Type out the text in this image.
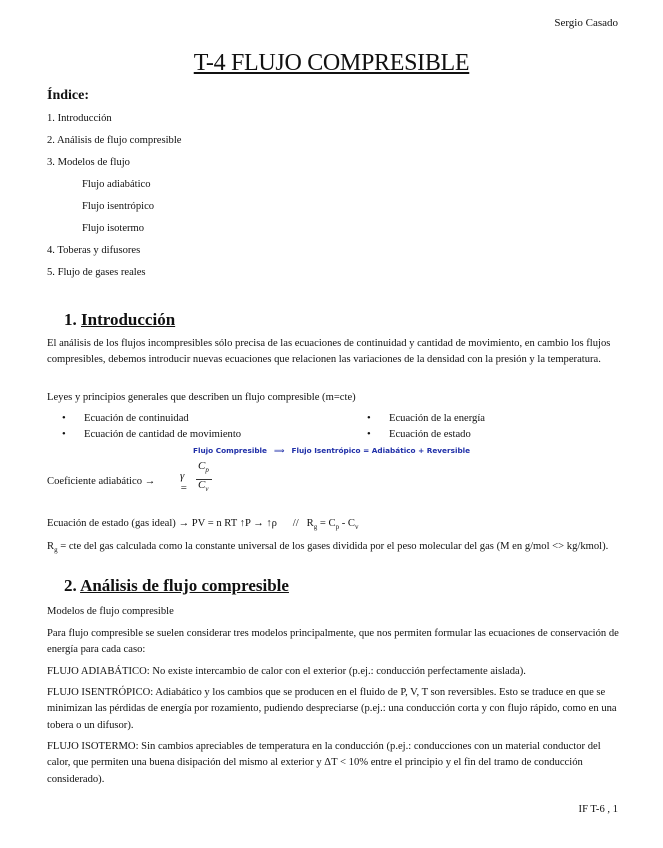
Sergio Casado
T-4 FLUJO COMPRESIBLE
Índice:
1. Introducción
2. Análisis de flujo compresible
3. Modelos de flujo
Flujo adiabático
Flujo isentrópico
Flujo isotermo
4. Toberas y difusores
5. Flujo de gases reales
1. Introducción
El análisis de los flujos incompresibles sólo precisa de las ecuaciones de continuidad y cantidad de movimiento, en cambio los flujos compresibles, debemos introducir nuevas ecuaciones que relacionen las variaciones de la densidad con la presión y la temperatura.
Leyes y principios generales que describen un flujo compresible (m=cte)
• Ecuación de continuidad
• Ecuación de cantidad de movimiento
• Ecuación de la energía
• Ecuación de estado
Flujo Compresible ⟹ Flujo Isentrópico = Adiabático + Reversible
Coeficiente adiabático →	γ =
$C_p$
$C_v$
Ecuación de estado (gas ideal) → PV = n RT ↑P → ↑ρ      //   $R_g = C_p - C_v$
$R_g$ = cte del gas calculada como la constante universal de los gases dividida por el peso molecular del gas (M en g/mol <> kg/kmol).
2. Análisis de flujo compresible
Modelos de flujo compresible
Para flujo compresible se suelen considerar tres modelos principalmente, que nos permiten formular las ecuaciones de conservación de energía para cada caso:
FLUJO ADIABÁTICO: No existe intercambio de calor con el exterior (p.ej.: conducción perfectamente aislada).
FLUJO ISENTRÓPICO: Adiabático y los cambios que se producen en el fluido de P, V, T son reversibles. Esto se traduce en que se minimizan las pérdidas de energía por rozamiento, pudiendo despreciarse (p.ej.: una conducción corta y con flujo rápido, como en una tobera o un difusor).
FLUJO ISOTERMO: Sin cambios apreciables de temperatura en la conducción (p.ej.: conducciones con un material conductor del calor, que permiten una buena disipación del mismo al exterior y ΔT < 10% entre el principio y el fin del tramo de conducción considerado).
IF T-6 , 1
